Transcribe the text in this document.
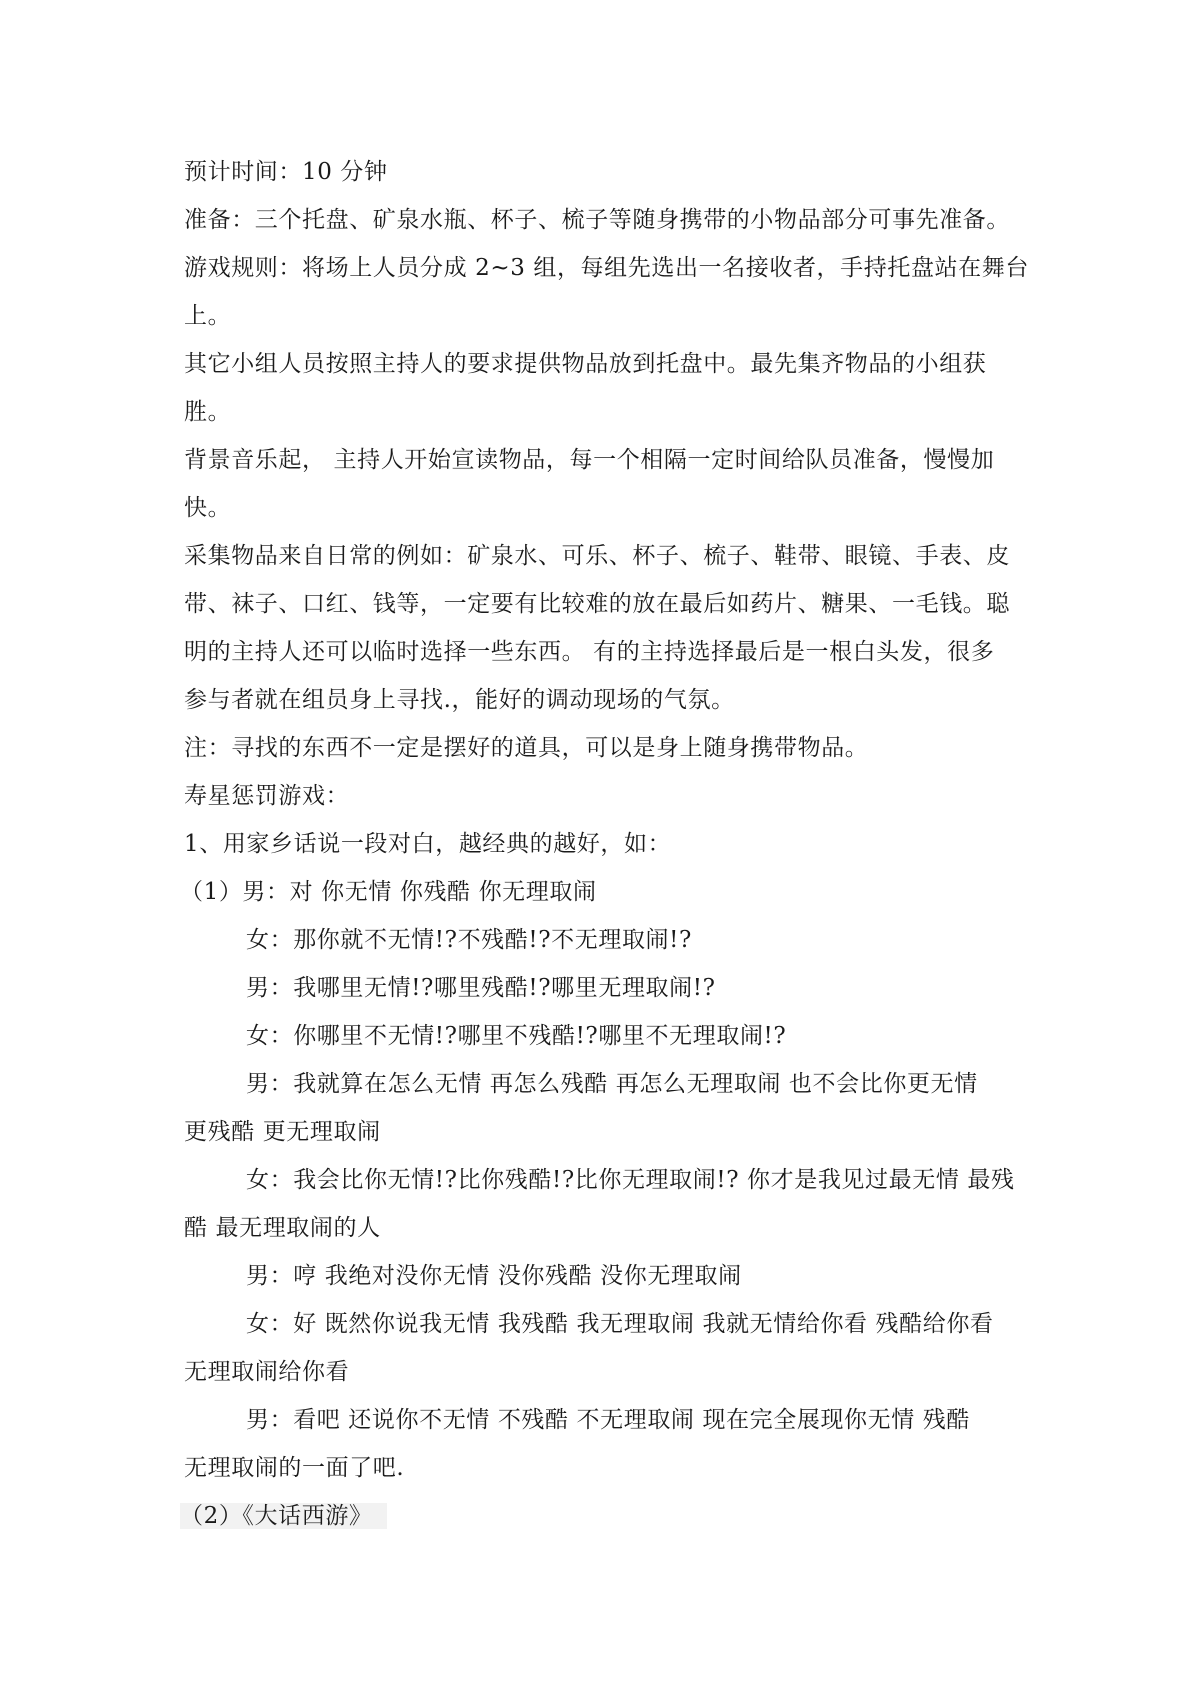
预计时间：10 分钟
准备：三个托盘、矿泉水瓶、杯子、梳子等随身携带的小物品部分可事先准备。
游戏规则：将场上人员分成 2~3 组，每组先选出一名接收者，手持托盘站在舞台
上。
其它小组人员按照主持人的要求提供物品放到托盘中。最先集齐物品的小组获
胜。
背景音乐起， 主持人开始宣读物品，每一个相隔一定时间给队员准备，慢慢加
快。
采集物品来自日常的例如：矿泉水、可乐、杯子、梳子、鞋带、眼镜、手表、皮
带、袜子、口红、钱等，一定要有比较难的放在最后如药片、糖果、一毛钱。聪
明的主持人还可以临时选择一些东西。 有的主持选择最后是一根白头发，很多
参与者就在组员身上寻找.，能好的调动现场的气氛。
注：寻找的东西不一定是摆好的道具，可以是身上随身携带物品。
寿星惩罚游戏：
1、用家乡话说一段对白，越经典的越好，如：
（1）男：对 你无情 你残酷 你无理取闹
女：那你就不无情!?不残酷!?不无理取闹!?
男：我哪里无情!?哪里残酷!?哪里无理取闹!?
女：你哪里不无情!?哪里不残酷!?哪里不无理取闹!?
男：我就算在怎么无情 再怎么残酷 再怎么无理取闹 也不会比你更无情
更残酷 更无理取闹
女：我会比你无情!?比你残酷!?比你无理取闹!? 你才是我见过最无情 最残
酷 最无理取闹的人
男：哼 我绝对没你无情 没你残酷 没你无理取闹
女：好 既然你说我无情 我残酷 我无理取闹 我就无情给你看 残酷给你看
无理取闹给你看
男：看吧 还说你不无情 不残酷 不无理取闹 现在完全展现你无情 残酷
无理取闹的一面了吧.
（2）《大话西游》
